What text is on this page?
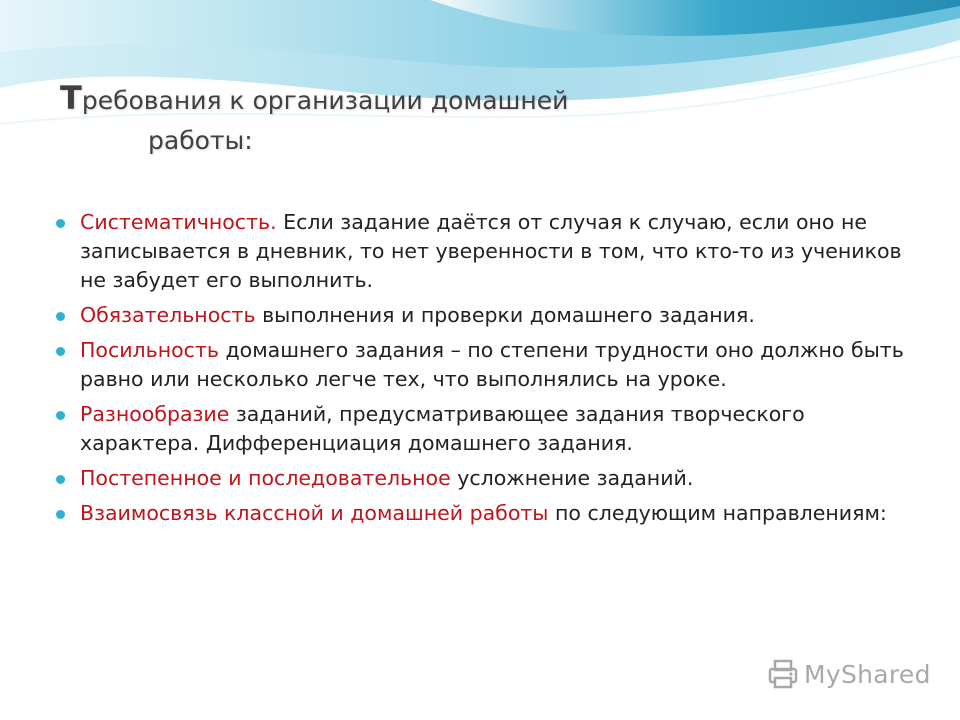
Требования к организации домашней
работы:
Систематичность. Если задание даётся от случая к случаю, если оно не записывается в дневник, то нет уверенности в том, что кто-то из учеников не забудет его выполнить.
Обязательность выполнения и проверки домашнего задания.
Посильность домашнего задания – по степени трудности оно должно быть равно или несколько легче тех, что выполнялись на уроке.
Разнообразие заданий, предусматривающее задания творческого характера. Дифференциация домашнего задания.
Постепенное и последовательное усложнение заданий.
Взаимосвязь классной и домашней работы по следующим направлениям:
MyShared
